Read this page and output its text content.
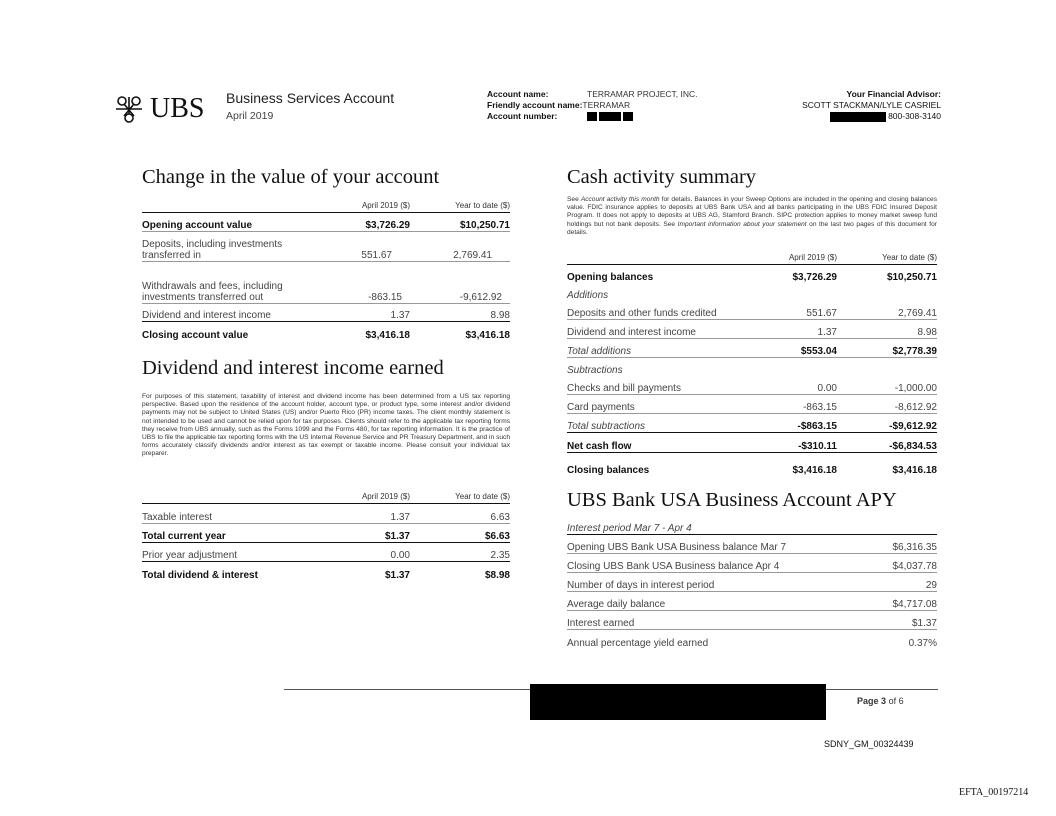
UBS Business Services Account
April 2019
Account name:	TERRAMAR PROJECT, INC.
Friendly account name:TERRAMAR
Account number:
Your Financial Advisor:
SCOTT STACKMAN/LYLE CASRIEL
800-308-3140
Change in the value of your account
April 2019 ($)	Year to date ($)
Opening account value	$3,726.29	$10,250.71
Deposits, including investments transferred in	551.67	2,769.41
Withdrawals and fees, including investments transferred out	-863.15	-9,612.92
Dividend and interest income	1.37	8.98
Closing account value	$3,416.18	$3,416.18
Dividend and interest income earned
For purposes of this statement, taxability of interest and dividend income has been determined from a US tax reporting perspective. Based upon the residence of the account holder, account type, or product type, some interest and/or dividend payments may not be subject to United States (US) and/or Puerto Rico (PR) income taxes. The client monthly statement is not intended to be used and cannot be relied upon for tax purposes. Clients should refer to the applicable tax reporting forms they receive from UBS annually, such as the Forms 1099 and the Forms 480, for tax reporting information. It is the practice of UBS to file the applicable tax reporting forms with the US Internal Revenue Service and PR Treasury Department, and in such forms accurately classify dividends and/or interest as tax exempt or taxable income. Please consult your individual tax preparer.
April 2019 ($)	Year to date ($)
Taxable interest	1.37	6.63
Total current year	$1.37	$6.63
Prior year adjustment	0.00	2.35
Total dividend & interest	$1.37	$8.98
Cash activity summary
See Account activity this month for details. Balances in your Sweep Options are included in the opening and closing balances value. FDIC insurance applies to deposits at UBS Bank USA and all banks participating in the UBS FDIC Insured Deposit Program. It does not apply to deposits at UBS AG, Stamford Branch. SIPC protection applies to money market sweep fund holdings but not bank deposits. See Important information about your statement on the last two pages of this document for details.
April 2019 ($)	Year to date ($)
Opening balances	$3,726.29	$10,250.71
Additions
Deposits and other funds credited	551.67	2,769.41
Dividend and interest income	1.37	8.98
Total additions	$553.04	$2,778.39
Subtractions
Checks and bill payments	0.00	-1,000.00
Card payments	-863.15	-8,612.92
Total subtractions	-$863.15	-$9,612.92
Net cash flow	-$310.11	-$6,834.53
Closing balances	$3,416.18	$3,416.18
UBS Bank USA Business Account APY
Interest period Mar 7 - Apr 4
Opening UBS Bank USA Business balance Mar 7	$6,316.35
Closing UBS Bank USA Business balance Apr 4	$4,037.78
Number of days in interest period	29
Average daily balance	$4,717.08
Interest earned	$1.37
Annual percentage yield earned	0.37%
Page 3 of 6
SDNY_GM_00324439
EFTA_00197214
